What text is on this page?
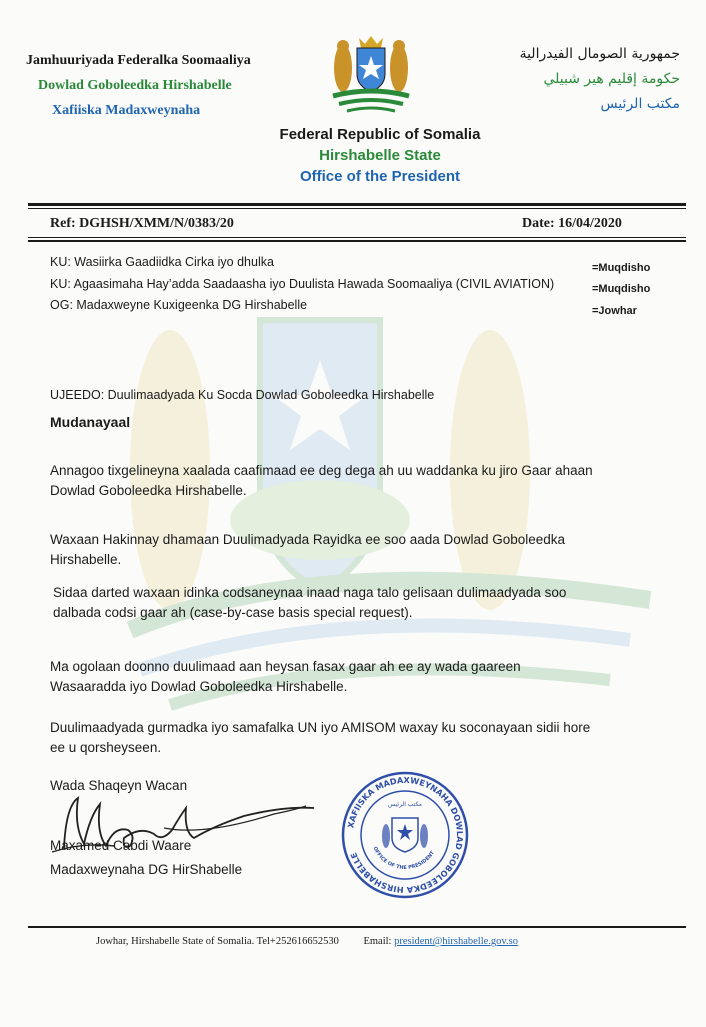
Jamhuuriyada Federalka Soomaaliya
Dowlad Goboleedka Hirshabelle
Xafiiska Madaxweynaha
جمهورية الصومال الفيدرالية
حكومة إقليم هير شبيلي
مكتب الرئيس
Federal Republic of Somalia
Hirshabelle State
Office of the President
Ref: DGHSH/XMM/N/0383/20	Date: 16/04/2020
KU: Wasiirka Gaadiidka Cirka iyo dhulka	=Muqdisho
KU: Agaasimaha Hay’adda Saadaasha iyo Duulista Hawada Soomaaliya (CIVIL AVIATION)	=Muqdisho
OG: Madaxweyne Kuxigeenka DG Hirshabelle	=Jowhar
UJEEDO: Duulimaadyada Ku Socda Dowlad Goboleedka Hirshabelle
Mudanayaal
Annagoo tixgelineyna xaalada caafimaad ee deg dega ah uu waddanka ku jiro Gaar ahaan
Dowlad Goboleedka Hirshabelle.
Waxaan Hakinnay dhamaan Duulimadyada Rayidka ee soo aada Dowlad Goboleedka
Hirshabelle.
Sidaa darted waxaan idinka codsaneynaa inaad naga talo gelisaan dulimaadyada soo
dalbada codsi gaar ah (case-by-case basis special request).
Ma ogolaan doonno duulimaad aan heysan fasax gaar ah ee ay wada gaareen
Wasaaradda iyo Dowlad Goboleedka Hirshabelle.
Duulimaadyada gurmadka iyo samafalka UN iyo AMISOM waxay ku soconayaan sidii hore
ee u qorsheyseen.
Wada Shaqeyn Wacan
Maxamed Cabdi Waare
Madaxweynaha DG HirShabelle
XAFIISKA MADAXWEYNAHA DOWLAD GOBOLEEDKA HIRSHABELLE
OFFICE OF THE PRESIDENT
مكتب الرئيس
Jowhar, Hirshabelle State of Somalia. Tel+252616652530 Email: president@hirshabelle.gov.so
